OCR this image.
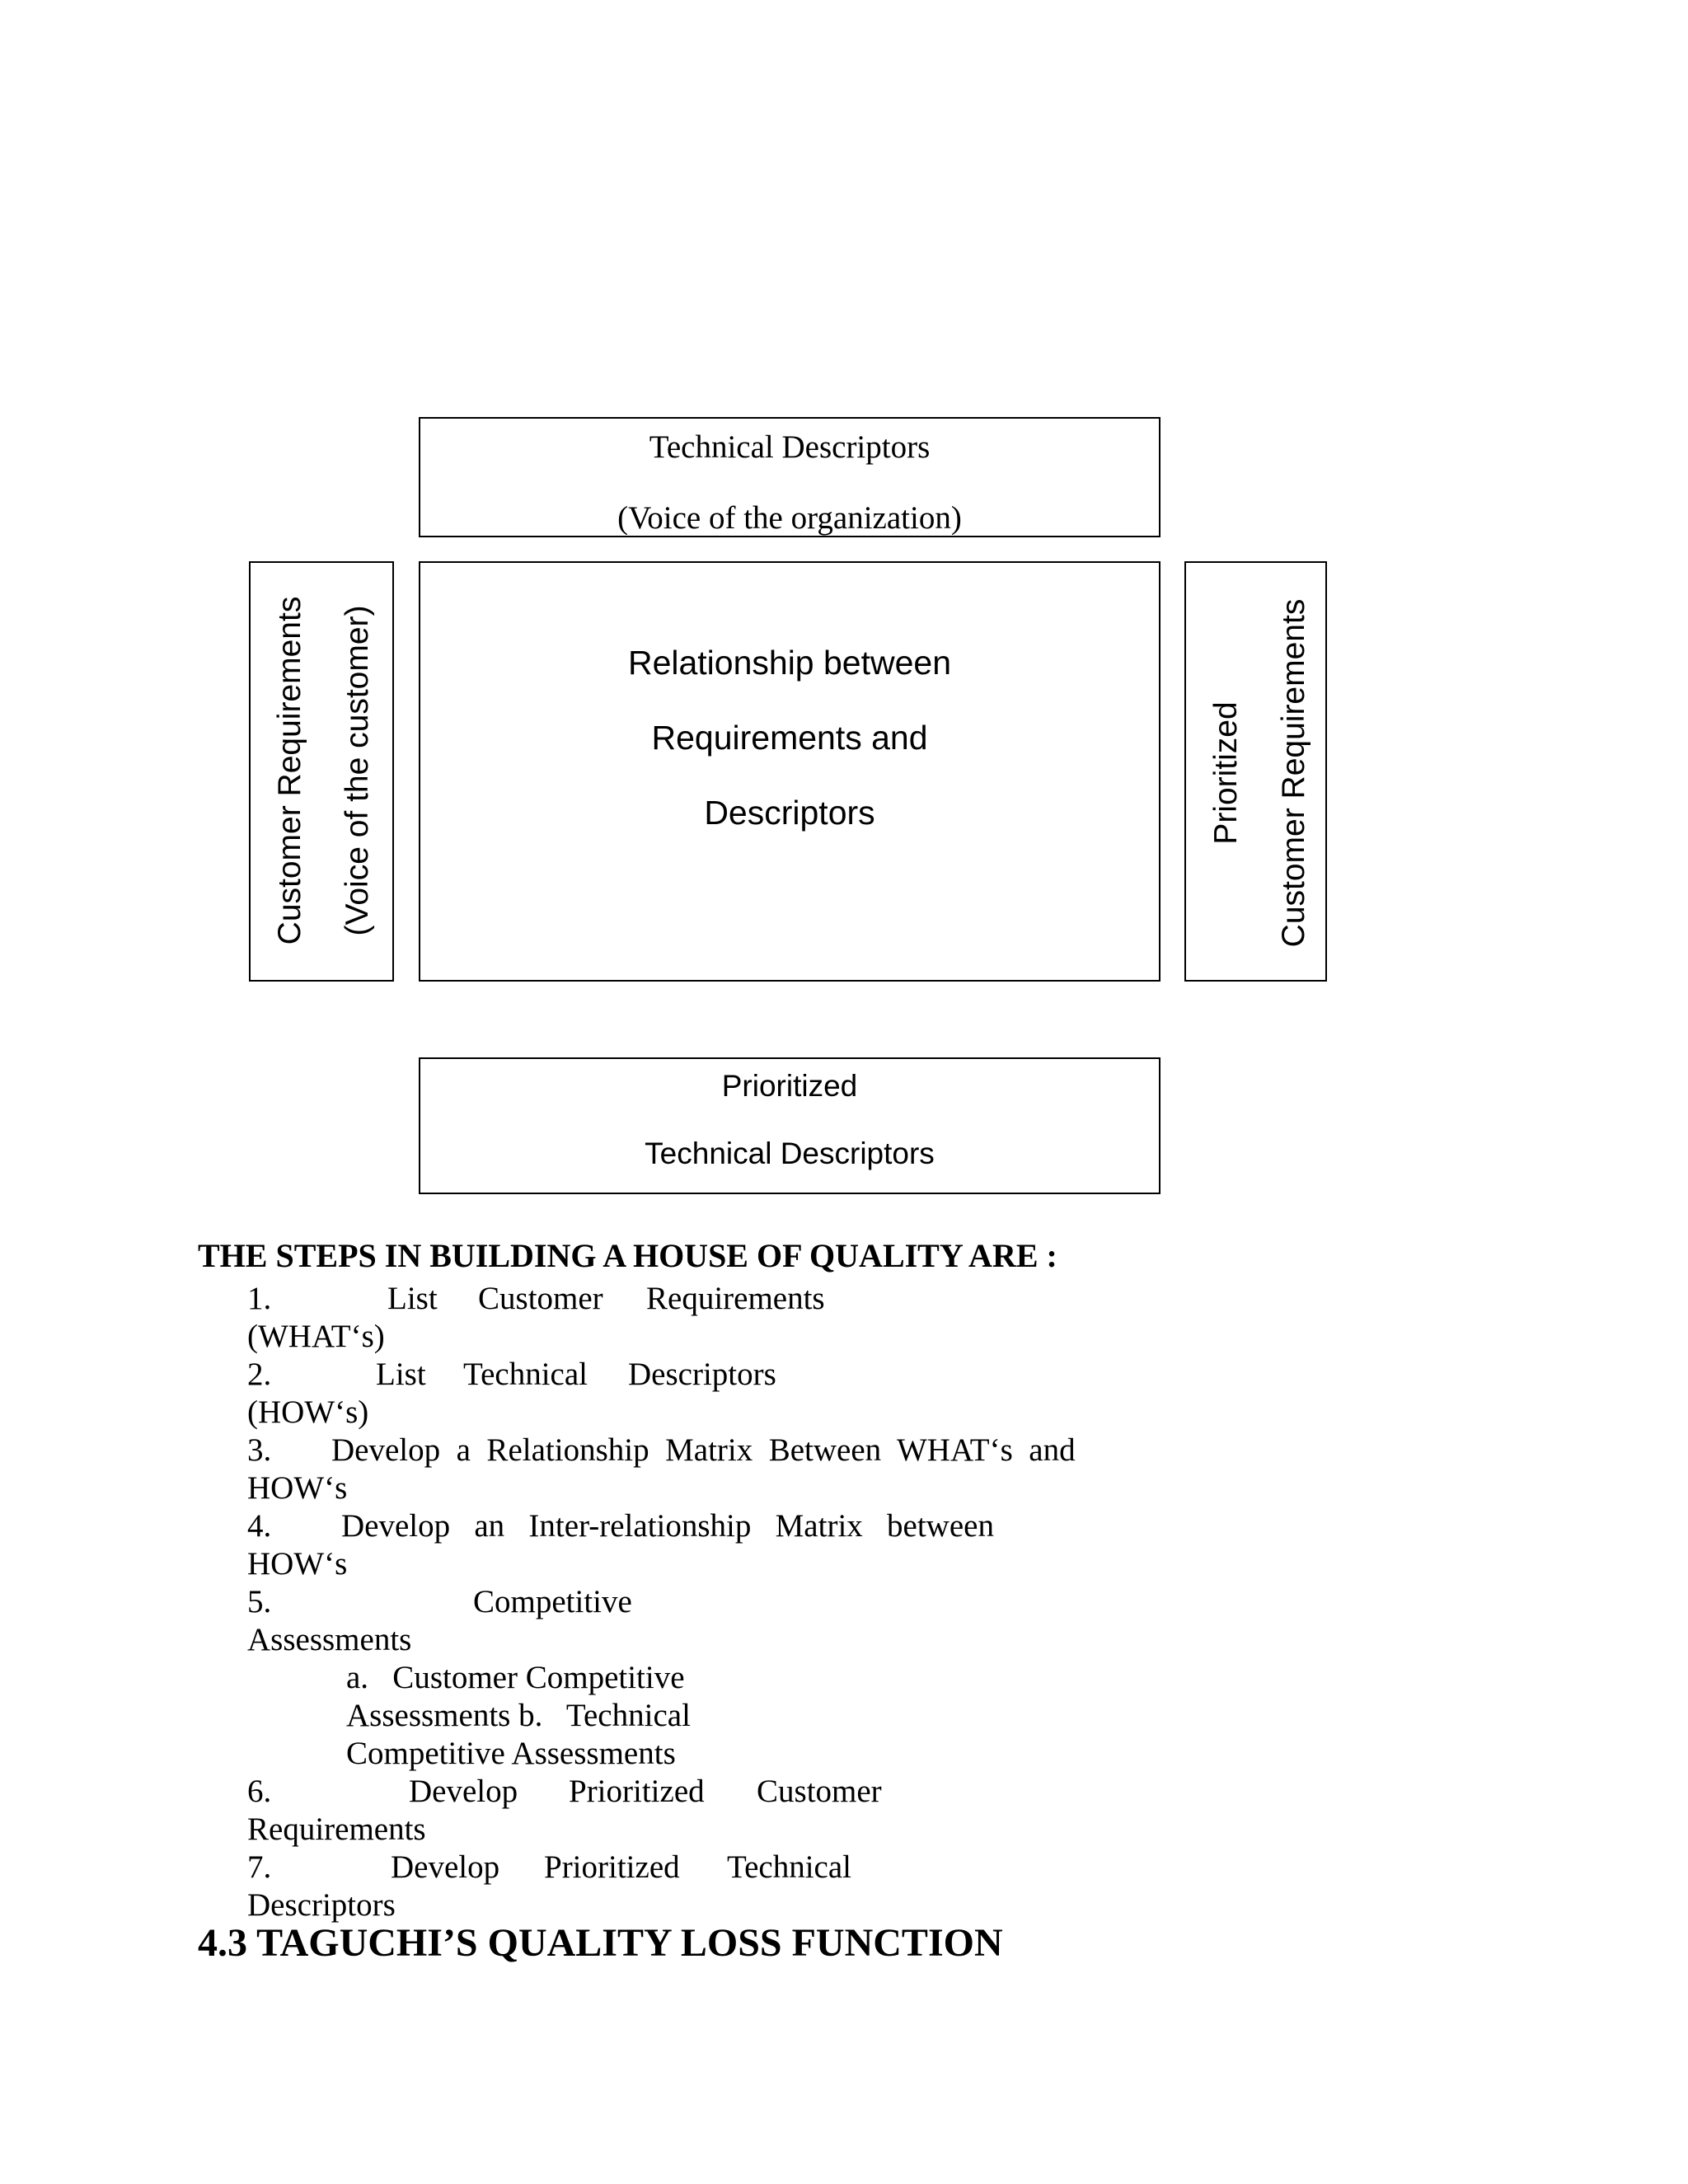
Technical Descriptors
(Voice of the organization)
Customer Requirements (Voice of the customer)	Relationship between
Requirements and
Descriptors	Prioritized Customer Requirements
Prioritized
Technical Descriptors
THE STEPS IN BUILDING A HOUSE OF QUALITY ARE :
1.	List Customer Requirements
(WHAT‘s)
2.	List Technical Descriptors
(HOW‘s)
3. Develop  a  Relationship  Matrix  Between  WHAT‘s  and
HOW‘s
4. Develop   an   Inter-relationship   Matrix   between
HOW‘s
5.	Competitive
Assessments
a.   Customer Competitive
Assessments b.   Technical
Competitive Assessments
6.	Develop Prioritized Customer
Requirements
7.	Develop Prioritized Technical
Descriptors
4.3 TAGUCHI’S QUALITY LOSS FUNCTION
